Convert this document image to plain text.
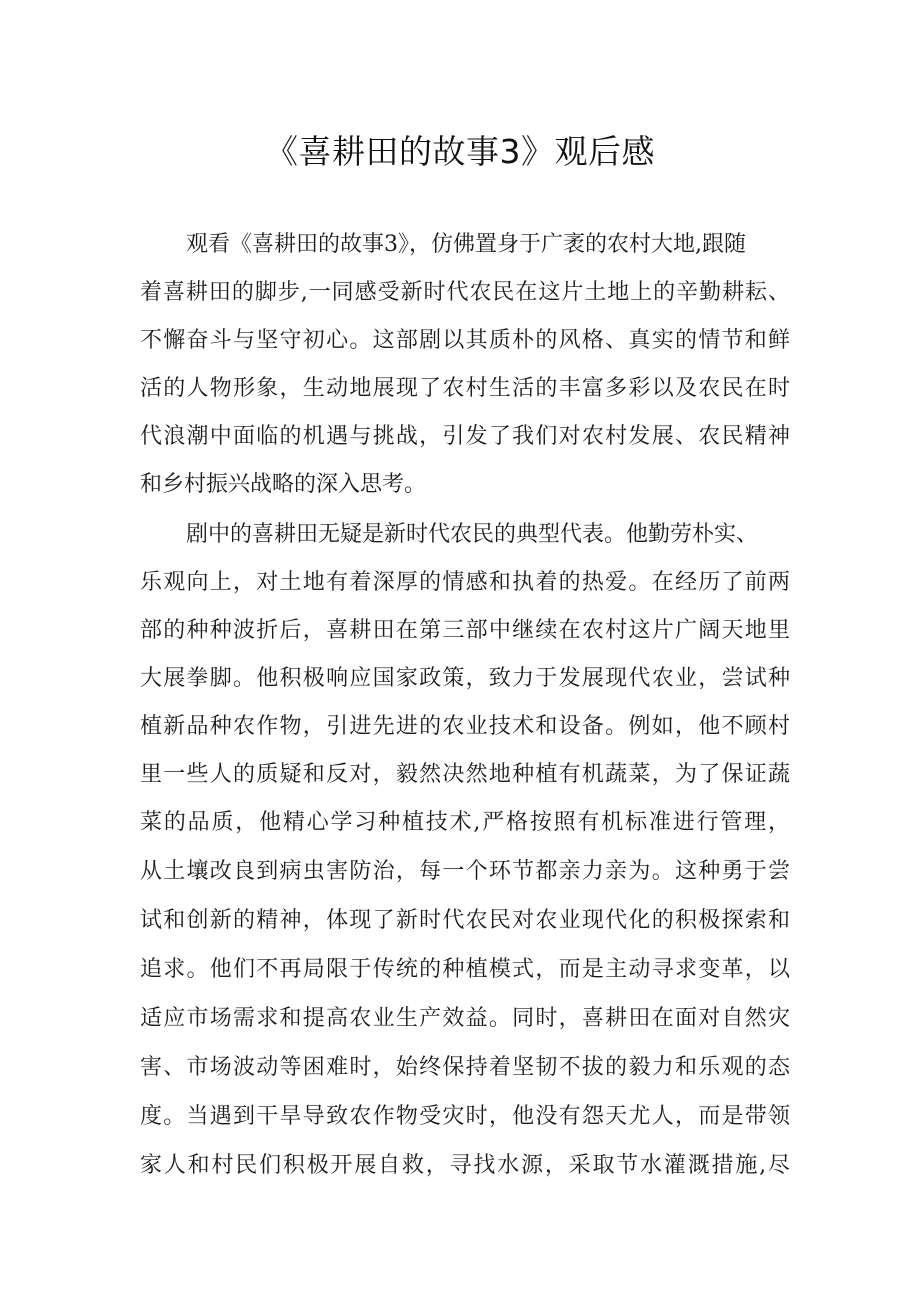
《喜耕田的故事3》观后感
观看《喜耕田的故事3》，仿佛置身于广袤的农村大地,跟随
着喜耕田的脚步,一同感受新时代农民在这片土地上的辛勤耕耘、
不懈奋斗与坚守初心。这部剧以其质朴的风格、真实的情节和鲜
活的人物形象，生动地展现了农村生活的丰富多彩以及农民在时
代浪潮中面临的机遇与挑战，引发了我们对农村发展、农民精神
和乡村振兴战略的深入思考。
剧中的喜耕田无疑是新时代农民的典型代表。他勤劳朴实、
乐观向上，对土地有着深厚的情感和执着的热爱。在经历了前两
部的种种波折后，喜耕田在第三部中继续在农村这片广阔天地里
大展拳脚。他积极响应国家政策，致力于发展现代农业，尝试种
植新品种农作物，引进先进的农业技术和设备。例如，他不顾村
里一些人的质疑和反对，毅然决然地种植有机蔬菜，为了保证蔬
菜的品质，他精心学习种植技术,严格按照有机标准进行管理，
从土壤改良到病虫害防治，每一个环节都亲力亲为。这种勇于尝
试和创新的精神，体现了新时代农民对农业现代化的积极探索和
追求。他们不再局限于传统的种植模式，而是主动寻求变革，以
适应市场需求和提高农业生产效益。同时，喜耕田在面对自然灾
害、市场波动等困难时，始终保持着坚韧不拔的毅力和乐观的态
度。当遇到干旱导致农作物受灾时，他没有怨天尤人，而是带领
家人和村民们积极开展自救，寻找水源，采取节水灌溉措施,尽
